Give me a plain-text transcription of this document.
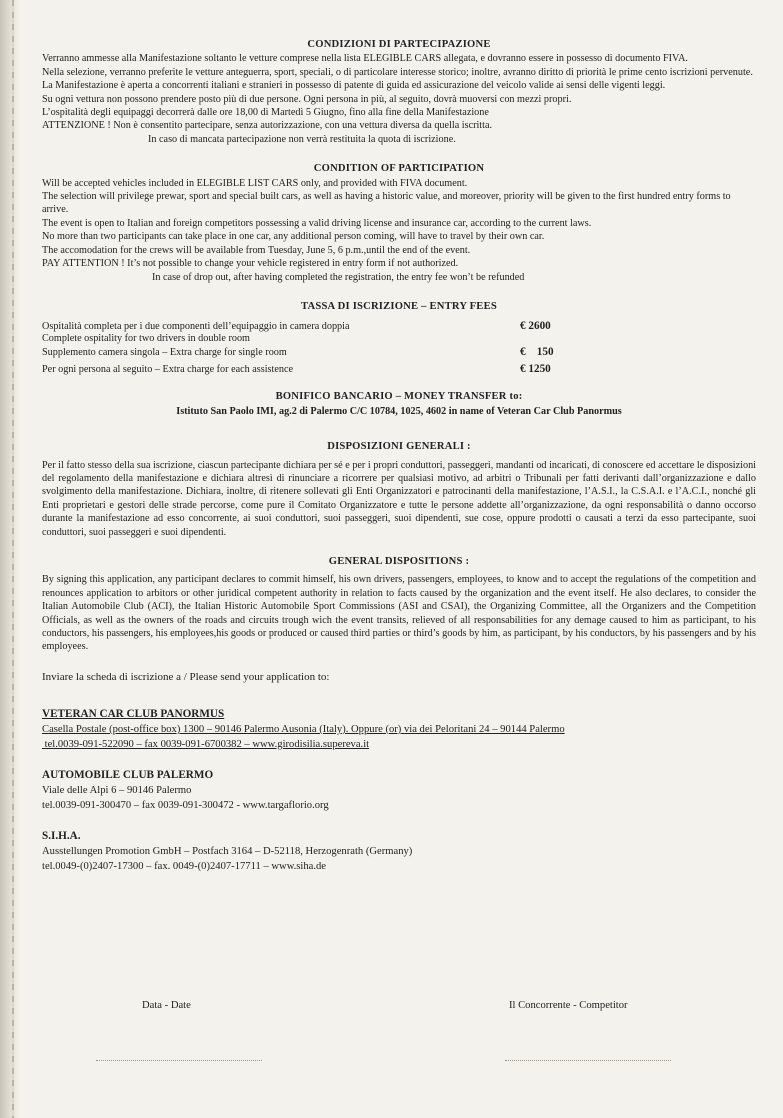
CONDIZIONI DI PARTECIPAZIONE

Verranno ammesse alla Manifestazione soltanto le vetture comprese nella lista ELEGIBLE CARS allegata, e dovranno essere in possesso di documento FIVA.

Nella selezione, verranno preferite le vetture anteguerra, sport, speciali, o di particolare interesse storico; inoltre, avranno diritto di priorità le prime cento iscrizioni pervenute.

La Manifestazione è aperta a concorrenti italiani e stranieri in possesso di patente di guida ed assicurazione del veicolo valide ai sensi delle vigenti leggi.

Su ogni vettura non possono prendere posto più di due persone. Ogni persona in più, al seguito, dovrà muoversi con mezzi propri.

L’ospitalità degli equipaggi decorrerà dalle ore 18,00 di Martedì 5 Giugno, fino alla fine della Manifestazione

ATTENZIONE ! Non è consentito partecipare, senza autorizzazione, con una vettura diversa da quella iscritta.

In caso di mancata partecipazione non verrà restituita la quota di iscrizione.

CONDITION OF PARTICIPATION

Will be accepted vehicles included in ELEGIBLE LIST CARS only, and provided with FIVA document.

The selection will privilege prewar, sport and special built cars, as well as having a historic value, and moreover, priority will be given to the first hundred entry forms to arrive.

The event is open to Italian and foreign competitors possessing a valid driving license and insurance car, according to the current laws.

No more than two participants can take place in one car, any additional person coming, will have to travel by their own car.

The accomodation for the crews will be available from Tuesday, June 5, 6 p.m.,until the end of the event.

PAY ATTENTION ! It’s not possible to change your vehicle registered in entry form if not authorized.

In case of drop out, after having completed the registration, the entry fee won’t be refunded

TASSA DI ISCRIZIONE – ENTRY FEES
Ospitalità completa per i due componenti dell’equipaggio in camera doppia	€ 2600
Complete ospitality for two drivers in double room
Supplemento camera singola – Extra charge for single room	€    150
Per ogni persona al seguito – Extra charge for each assistence	€ 1250
BONIFICO BANCARIO – MONEY TRANSFER to:
Istituto San Paolo IMI, ag.2 di Palermo C/C 10784, 1025, 4602 in name of Veteran Car Club Panormus
DISPOSIZIONI GENERALI :

Per il fatto stesso della sua iscrizione, ciascun partecipante dichiara per sé e per i propri conduttori, passeggeri, mandanti od incaricati, di conoscere ed accettare le disposizioni del regolamento della manifestazione e dichiara altresì di rinunciare a ricorrere per qualsiasi motivo, ad arbitri o Tribunali per fatti derivanti dall’organizzazione e dallo svolgimento della manifestazione. Dichiara, inoltre, di ritenere sollevati gli Enti Organizzatori e patrocinanti della manifestazione, l’A.S.I., la C.S.A.I. e l’A.C.I., nonché gli Enti proprietari e gestori delle strade percorse, come pure il Comitato Organizzatore e tutte le persone addette all’organizzazione, da ogni responsabilità o danno occorso durante la manifestazione ad esso concorrente, ai suoi conduttori, suoi passeggeri, suoi dipendenti, sue cose, oppure prodotti o causati a terzi da esso partecipante, suoi conduttori, suoi passeggeri e suoi dipendenti.

GENERAL DISPOSITIONS :

By signing this application, any participant declares to commit himself, his own drivers, passengers, employees, to know and to accept the regulations of the competition and renounces application to arbitors or other juridical competent authority in relation to facts caused by the organization and the event itself. He also declares, to consider the Italian Automobile Club (ACI), the Italian Historic Automobile Sport Commissions (ASI and CSAI), the Organizing Committee, all the Organizers and the Competition Officials, as well as the owners of the roads and circuits trough wich the event transits, relieved of all responsabilities for any demage caused to him as participant, to his conductors, his passengers, his employees,his goods or produced or caused third parties or third’s goods by him, as participant, by his conductors, by his passengers and by his employees.

Inviare la scheda di iscrizione a / Please send your application to:

VETERAN CAR CLUB PANORMUS
Casella Postale (post-office box) 1300 – 90146 Palermo Ausonia (Italy). Oppure (or) via dei Peloritani 24 – 90144 Palermo
tel.0039-091-522090 – fax 0039-091-6700382 – www.girodisilia.supereva.it
AUTOMOBILE CLUB PALERMO
Viale delle Alpi 6 – 90146 Palermo
tel.0039-091-300470 – fax 0039-091-300472 - www.targaflorio.org
S.I.H.A.
Ausstellungen Promotion GmbH – Postfach 3164 – D-52118, Herzogenrath (Germany)
tel.0049-(0)2407-17300 – fax. 0049-(0)2407-17711 – www.siha.de
Data - Date	Il Concorrente - Competitor
